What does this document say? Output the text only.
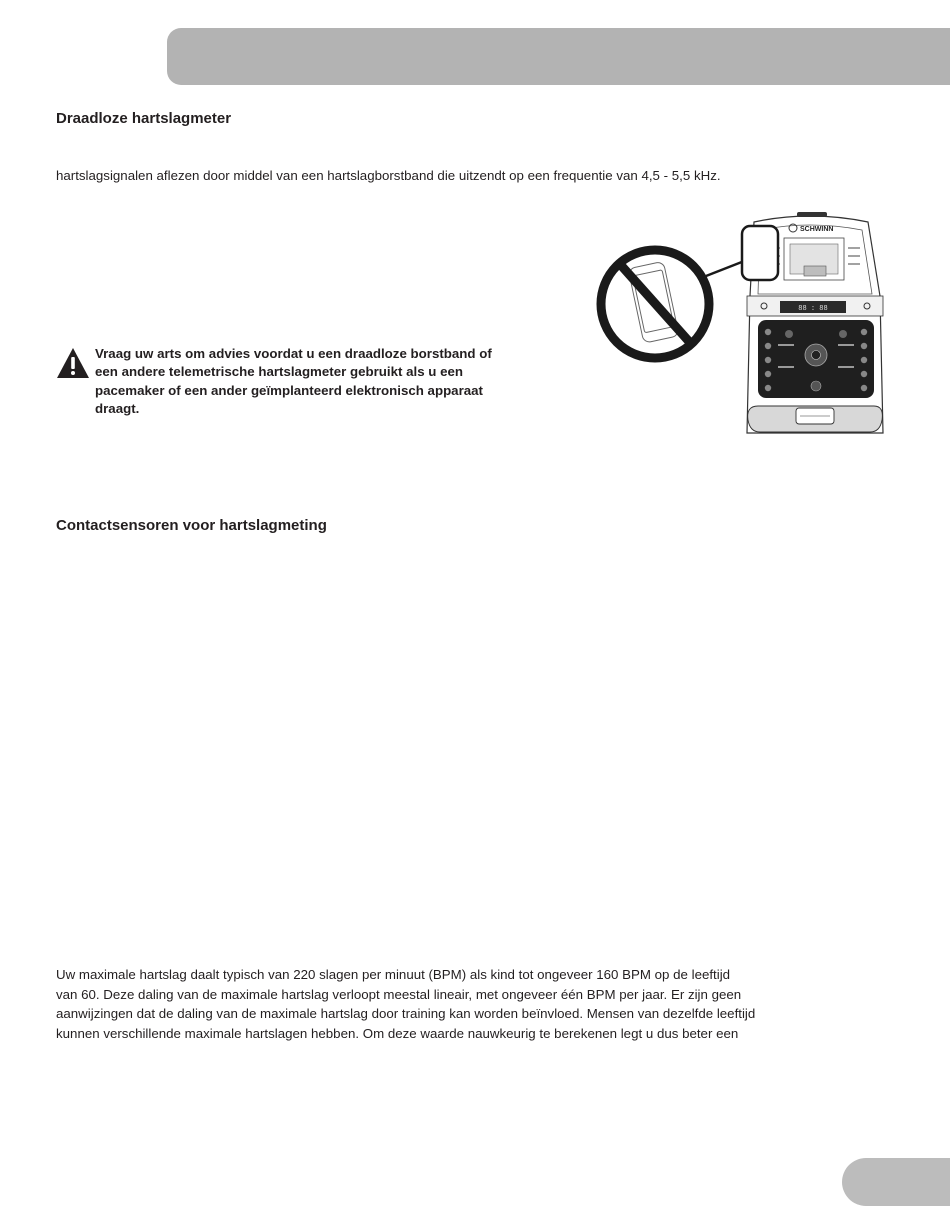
Draadloze hartslagmeter

hartslagsignalen aflezen door middel van een hartslagborstband die uitzendt op een frequentie van 4,5 - 5,5 kHz.

Vraag uw arts om advies voordat u een draadloze borstband of
een andere telemetrische hartslagmeter gebruikt als u een
pacemaker of een ander geïmplanteerd elektronisch apparaat
draagt.

SCHWINN
88 : 88
Contactsensoren voor hartslagmeting

Uw maximale hartslag daalt typisch van 220 slagen per minuut (BPM) als kind tot ongeveer 160 BPM op de leeftijd
van 60. Deze daling van de maximale hartslag verloopt meestal lineair, met ongeveer één BPM per jaar. Er zijn geen
aanwijzingen dat de daling van de maximale hartslag door training kan worden beïnvloed. Mensen van dezelfde leeftijd
kunnen verschillende maximale hartslagen hebben. Om deze waarde nauwkeurig te berekenen legt u dus beter een
